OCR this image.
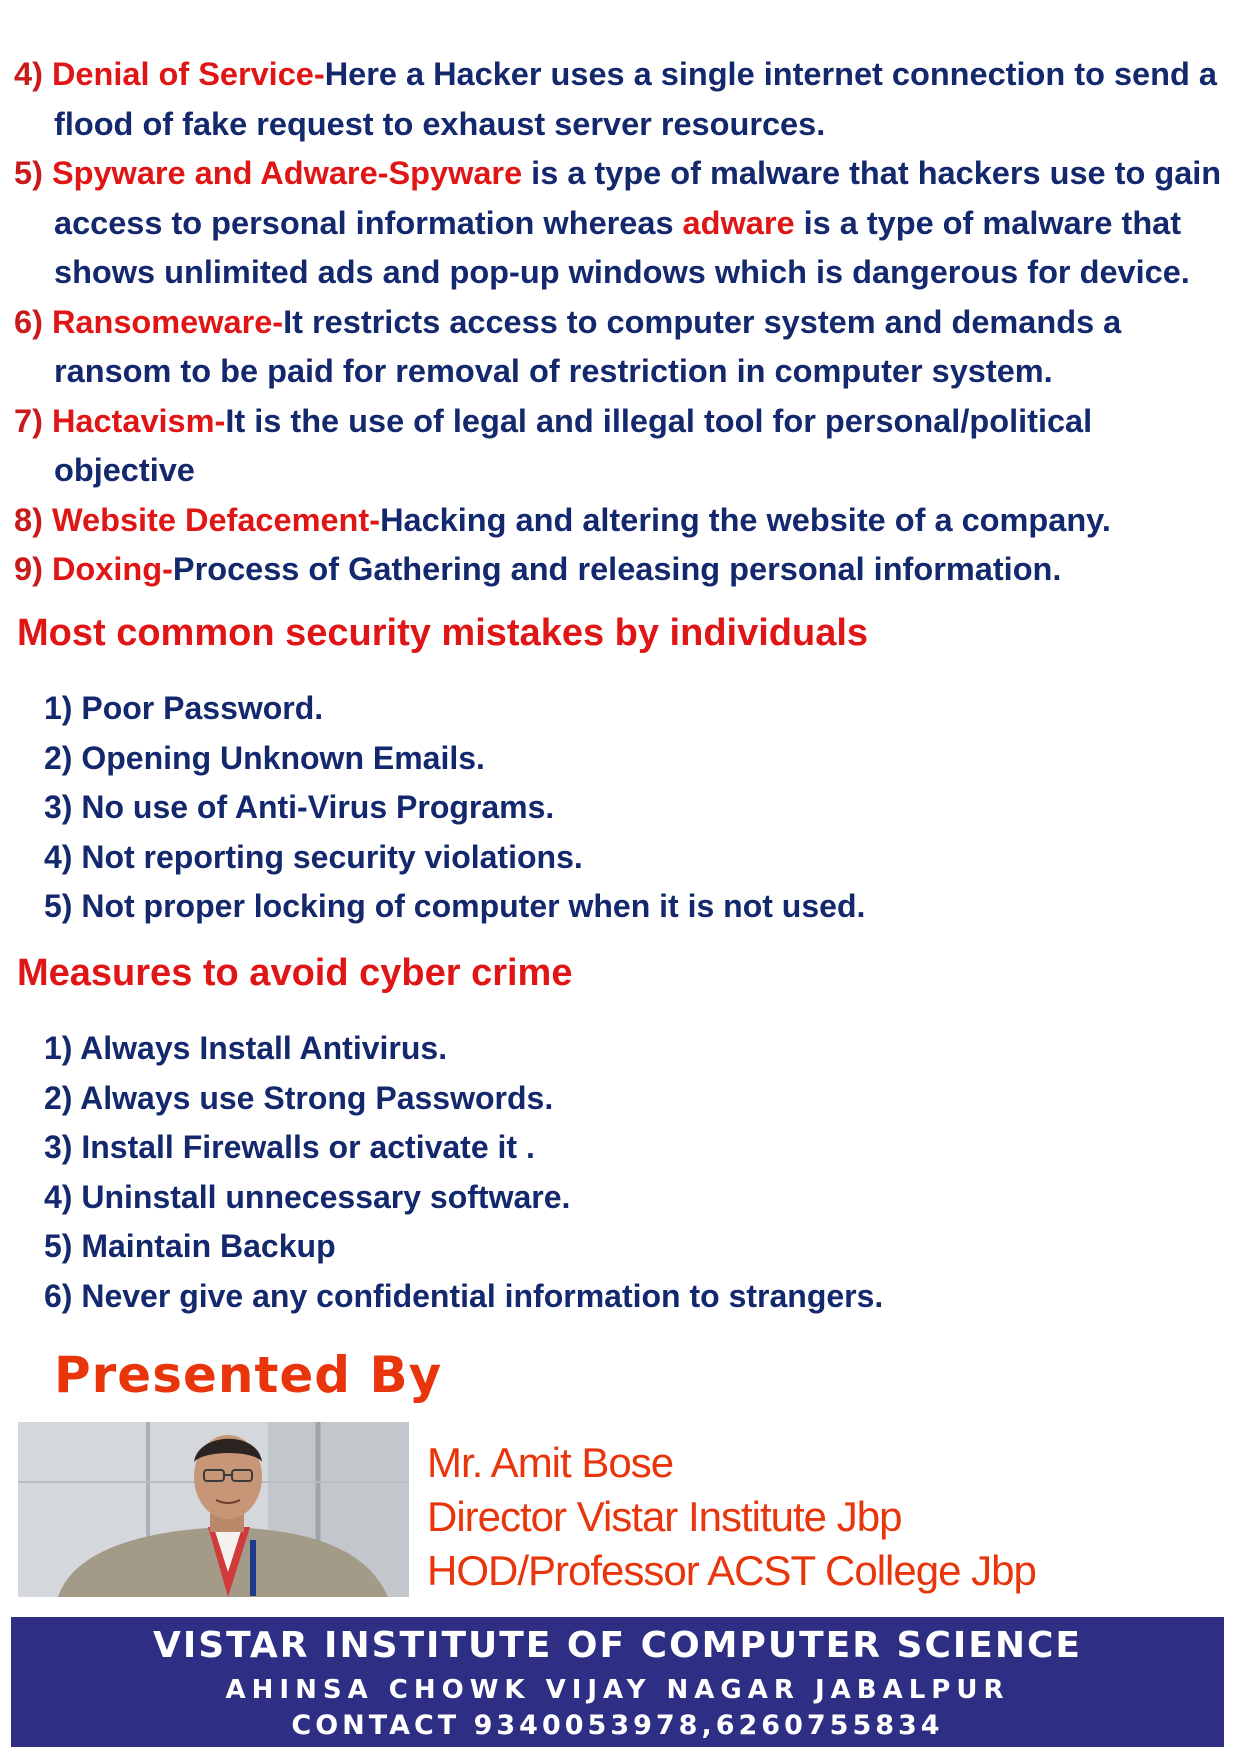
4) Denial of Service-Here a Hacker uses a single internet connection to send a flood of fake request to exhaust server resources.
5) Spyware and Adware-Spyware is a type of malware that hackers use to gain access to personal information whereas adware is a type of malware that shows unlimited ads and pop-up windows which is dangerous for device.
6) Ransomeware-It restricts access to computer system and demands a ransom to be paid for removal of restriction in computer system.
7) Hactavism-It is the use of legal and illegal tool for personal/political objective
8) Website Defacement-Hacking and altering the website of a company.
9) Doxing-Process of Gathering and releasing personal information.
Most common security mistakes by individuals
1) Poor Password.
2) Opening Unknown Emails.
3) No use of Anti-Virus Programs.
4) Not reporting security violations.
5) Not proper locking of computer when it is not used.
Measures to avoid cyber crime
1) Always Install Antivirus.
2) Always use Strong Passwords.
3) Install Firewalls or activate it .
4) Uninstall unnecessary software.
5) Maintain Backup
6) Never give any confidential information to strangers.
Presented By
Mr. Amit Bose
Director Vistar Institute Jbp
HOD/Professor ACST College Jbp
VISTAR INSTITUTE OF COMPUTER SCIENCE
AHINSA CHOWK VIJAY NAGAR JABALPUR
CONTACT 9340053978,6260755834
